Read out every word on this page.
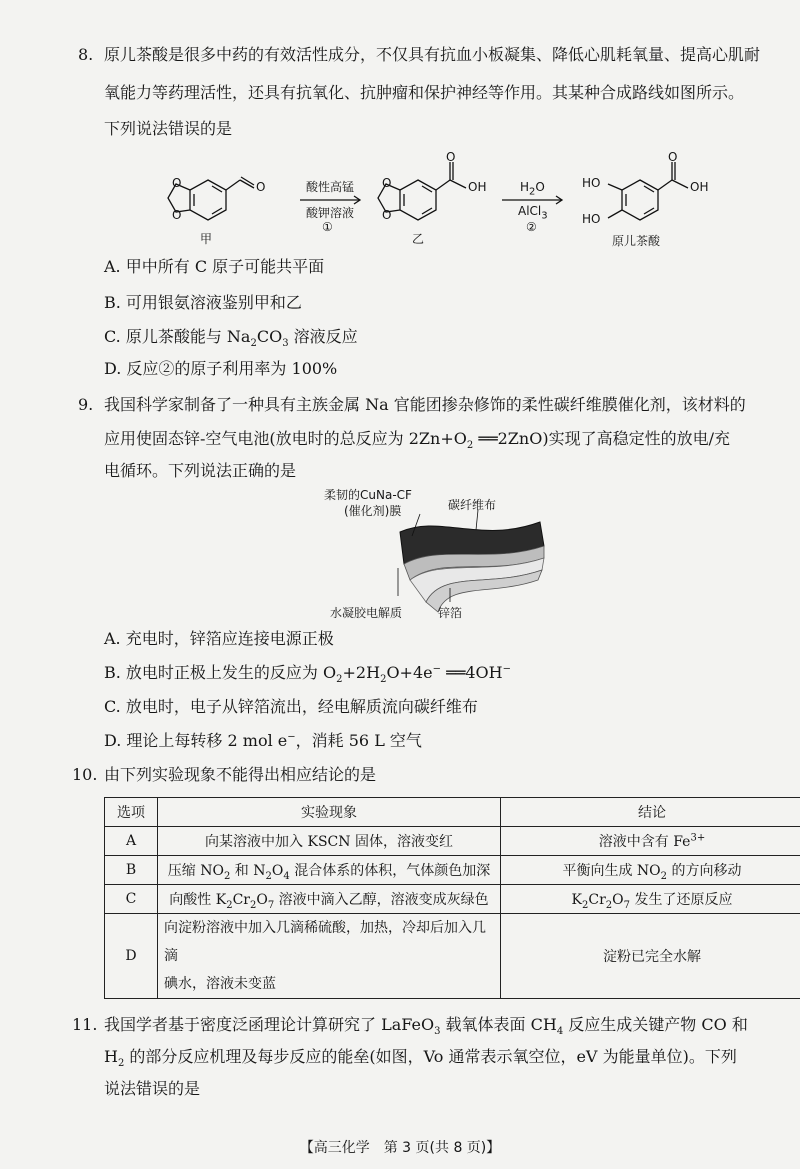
8. 原儿茶酸是很多中药的有效活性成分，不仅具有抗血小板凝集、降低心肌耗氧量、提高心肌耐
氧能力等药理活性，还具有抗氧化、抗肿瘤和保护神经等作用。其某种合成路线如图所示。
下列说法错误的是
O
O
O
甲
酸性高锰
酸钾溶液
①
O
O
O
OH
乙
$H_2O$
AlCl$_3$
②
HO
HO
O
OH
原儿茶酸
A. 甲中所有 C 原子可能共平面
B. 可用银氨溶液鉴别甲和乙
C. 原儿茶酸能与 $Na_2CO_3$ 溶液反应
D. 反应②的原子利用率为 100%
9. 我国科学家制备了一种具有主族金属 Na 官能团掺杂修饰的柔性碳纤维膜催化剂，该材料的
应用使固态锌-空气电池(放电时的总反应为 $2Zn+O_2$ ══2ZnO)实现了高稳定性的放电/充
电循环。下列说法正确的是
柔韧的CuNa-CF
(催化剂)膜	碳纤维布
水凝胶电解质	锌箔
A. 充电时，锌箔应连接电源正极
B. 放电时正极上发生的反应为 $O_2+2H_2O+4e^-$ ══4OH−
C. 放电时，电子从锌箔流出，经电解质流向碳纤维布
D. 理论上每转移 2 mol e−，消耗 56 L 空气
10. 由下列实验现象不能得出相应结论的是
选项	实验现象	结论
A	向某溶液中加入 KSCN 固体，溶液变红	溶液中含有 $Fe^{3+}$
B	压缩 $NO_2$ 和 $N_2O_4$ 混合体系的体积，气体颜色加深	平衡向生成 $NO_2$ 的方向移动
C	向酸性 $K_2Cr_2O_7$ 溶液中滴入乙醇，溶液变成灰绿色	$K_2Cr_2O_7$ 发生了还原反应
D	向淀粉溶液中加入几滴稀硫酸，加热，冷却后加入几滴
碘水，溶液未变蓝	淀粉已完全水解
11. 我国学者基于密度泛函理论计算研究了 LaFeO$_3$ 载氧体表面 $CH_4$ 反应生成关键产物 CO 和
$H_2$ 的部分反应机理及每步反应的能垒(如图，Vo 通常表示氧空位，eV 为能量单位)。下列
说法错误的是
【高三化学　第 3 页(共 8 页)】
